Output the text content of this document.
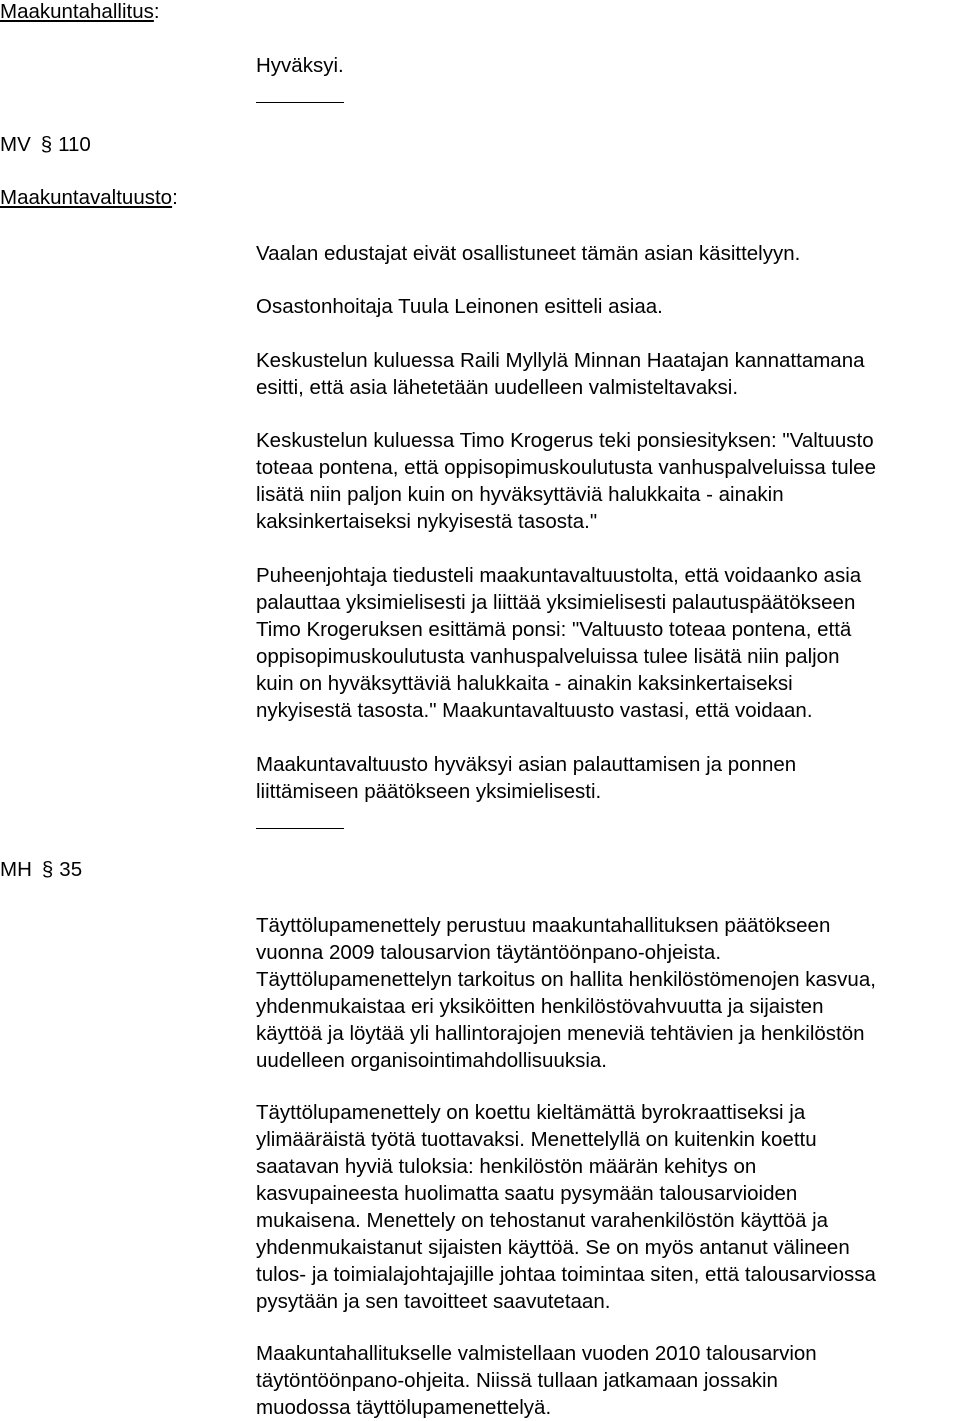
Maakuntahallitus:
Hyväksyi.
MV § 110
Maakuntavaltuusto:
Vaalan edustajat eivät osallistuneet tämän asian käsittelyyn.
Osastonhoitaja Tuula Leinonen esitteli asiaa.
Keskustelun kuluessa Raili Myllylä Minnan Haatajan kannattamana
esitti, että asia lähetetään uudelleen valmisteltavaksi.
Keskustelun kuluessa Timo Krogerus teki ponsiesityksen: "Valtuusto
toteaa pontena, että oppisopimuskoulutusta vanhuspalveluissa tulee
lisätä niin paljon kuin on hyväksyttäviä halukkaita - ainakin
kaksinkertaiseksi nykyisestä tasosta."
Puheenjohtaja tiedusteli maakuntavaltuustolta, että voidaanko asia
palauttaa yksimielisesti ja liittää yksimielisesti palautuspäätökseen
Timo Krogeruksen esittämä ponsi: "Valtuusto toteaa pontena, että
oppisopimuskoulutusta vanhuspalveluissa tulee lisätä niin paljon
kuin on hyväksyttäviä halukkaita - ainakin kaksinkertaiseksi
nykyisestä tasosta." Maakuntavaltuusto vastasi, että voidaan.
Maakuntavaltuusto hyväksyi asian palauttamisen ja ponnen
liittämiseen päätökseen yksimielisesti.
MH § 35
Täyttölupamenettely perustuu maakuntahallituksen päätökseen
vuonna 2009 talousarvion täytäntöönpano-ohjeista.
Täyttölupamenettelyn tarkoitus on hallita henkilöstömenojen kasvua,
yhdenmukaistaa eri yksiköitten henkilöstövahvuutta ja sijaisten
käyttöä ja löytää yli hallintorajojen meneviä tehtävien ja henkilöstön
uudelleen organisointimahdollisuuksia.
Täyttölupamenettely on koettu kieltämättä byrokraattiseksi ja
ylimääräistä työtä tuottavaksi. Menettelyllä on kuitenkin koettu
saatavan hyviä tuloksia: henkilöstön määrän kehitys on
kasvupaineesta huolimatta saatu pysymään talousarvioiden
mukaisena. Menettely on tehostanut varahenkilöstön käyttöä ja
yhdenmukaistanut sijaisten käyttöä. Se on myös antanut välineen
tulos- ja toimialajohtajajille johtaa toimintaa siten, että talousarviossa
pysytään ja sen tavoitteet saavutetaan.
Maakuntahallitukselle valmistellaan vuoden 2010 talousarvion
täytöntöönpano-ohjeita. Niissä tullaan jatkamaan jossakin
muodossa täyttölupamenettelyä.
